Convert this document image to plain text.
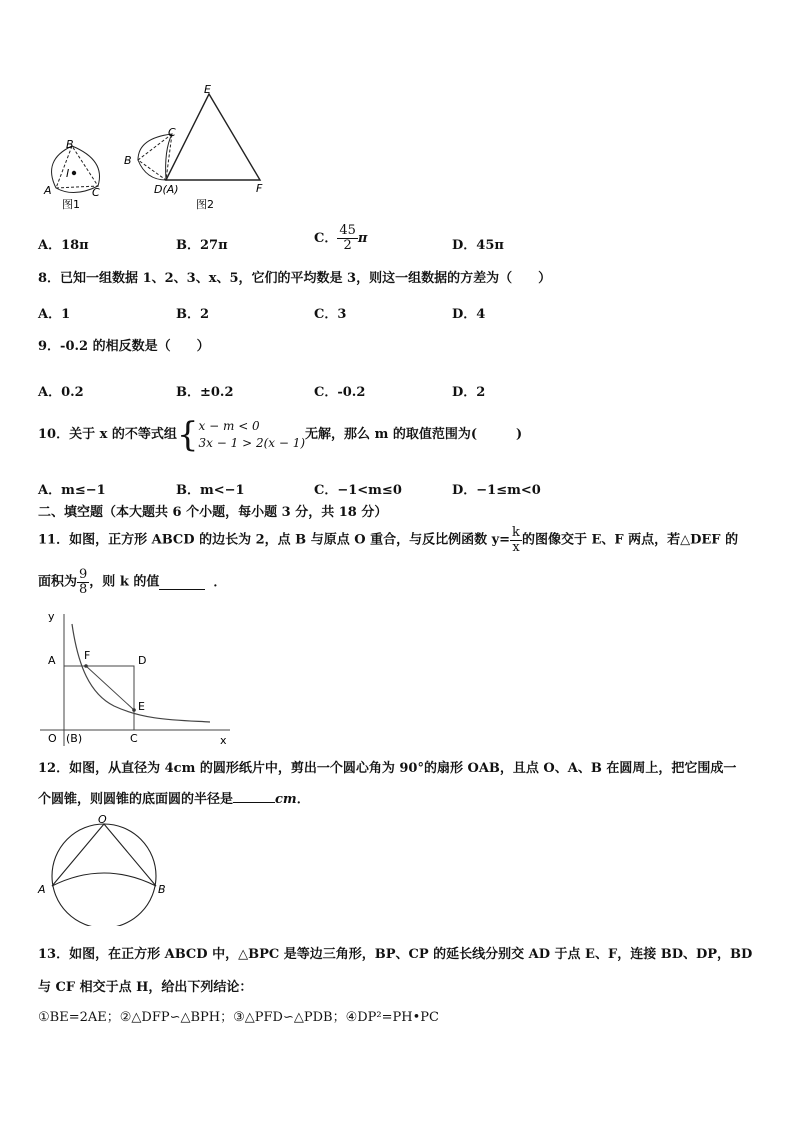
B
A	C
I
图1
C
B
D(A)
E
F
图2
A．18π	B．27π	C． $\frac{45}{2}$ π	D．45π
8．已知一组数据 1、2、3、x、5，它们的平均数是 3，则这一组数据的方差为（　　）
A．1	B．2	C．3	D．4
9．-0.2 的相反数是（　　）
A．0.2	B．±0.2	C．-0.2	D．2
10．关于 x 的不等式组{ x − m < 0
3x − 1 > 2(x − 1)
无解，那么 m 的取值范围为(　　　)
A．m≤−1	B．m<−1	C．−1<m≤0	D．−1≤m<0
二、填空题（本大题共 6 个小题，每小题 3 分，共 18 分）
11．如图，正方形 ABCD 的边长为 2，点 B 与原点 O 重合，与反比例函数 $y= \frac{k}{x}$ 的图像交于 E、F 两点，若△DEF 的
面积为 $\frac{9}{8}$ ，则 k 的值	．
y
x
A	F	D
E
O (B)	C
12．如图，从直径为 4cm 的圆形纸片中，剪出一个圆心角为 90°的扇形 OAB，且点 O、A、B 在圆周上，把它围成一
个圆锥，则圆锥的底面圆的半径是	cm．
O
A	B
13．如图，在正方形 ABCD 中，△BPC 是等边三角形，BP、CP 的延长线分别交 AD 于点 E、F，连接 BD、DP，BD
与 CF 相交于点 H，给出下列结论：
①BE=2AE；②△DFP∽△BPH；③△PFD∽△PDB；④DP²=PH•PC
